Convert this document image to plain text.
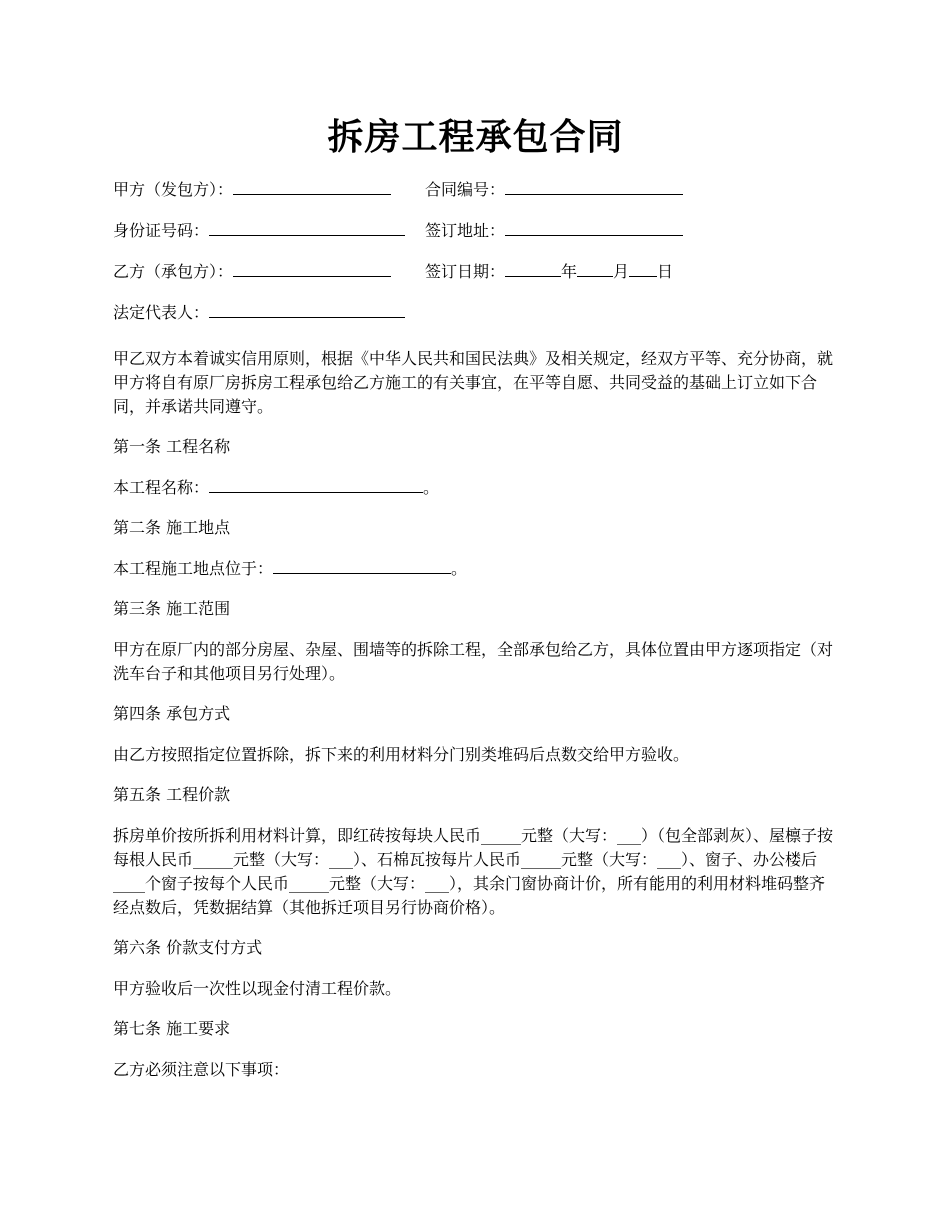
拆房工程承包合同
甲方（发包方）：	合同编号：
身份证号码：	签订地址：
乙方（承包方）：	签订日期：	年 月 日
法定代表人：

甲乙双方本着诚实信用原则，根据《中华人民共和国民法典》及相关规定，经双方平等、充分协商，就甲方将自有原厂房拆房工程承包给乙方施工的有关事宜，在平等自愿、共同受益的基础上订立如下合同，并承诺共同遵守。

第一条 工程名称

本工程名称：	。

第二条 施工地点

本工程施工地点位于：	。

第三条 施工范围

甲方在原厂内的部分房屋、杂屋、围墙等的拆除工程，全部承包给乙方，具体位置由甲方逐项指定（对洗车台子和其他项目另行处理）。

第四条 承包方式

由乙方按照指定位置拆除，拆下来的利用材料分门别类堆码后点数交给甲方验收。

第五条 工程价款

拆房单价按所拆利用材料计算，即红砖按每块人民币_____元整（大写：___）（包全部剥灰）、屋檩子按每根人民币_____元整（大写：___）、石棉瓦按每片人民币_____元整（大写：___）、窗子、办公楼后____个窗子按每个人民币_____元整（大写：___），其余门窗协商计价，所有能用的利用材料堆码整齐经点数后，凭数据结算（其他拆迁项目另行协商价格）。

第六条 价款支付方式

甲方验收后一次性以现金付清工程价款。

第七条 施工要求

乙方必须注意以下事项：
